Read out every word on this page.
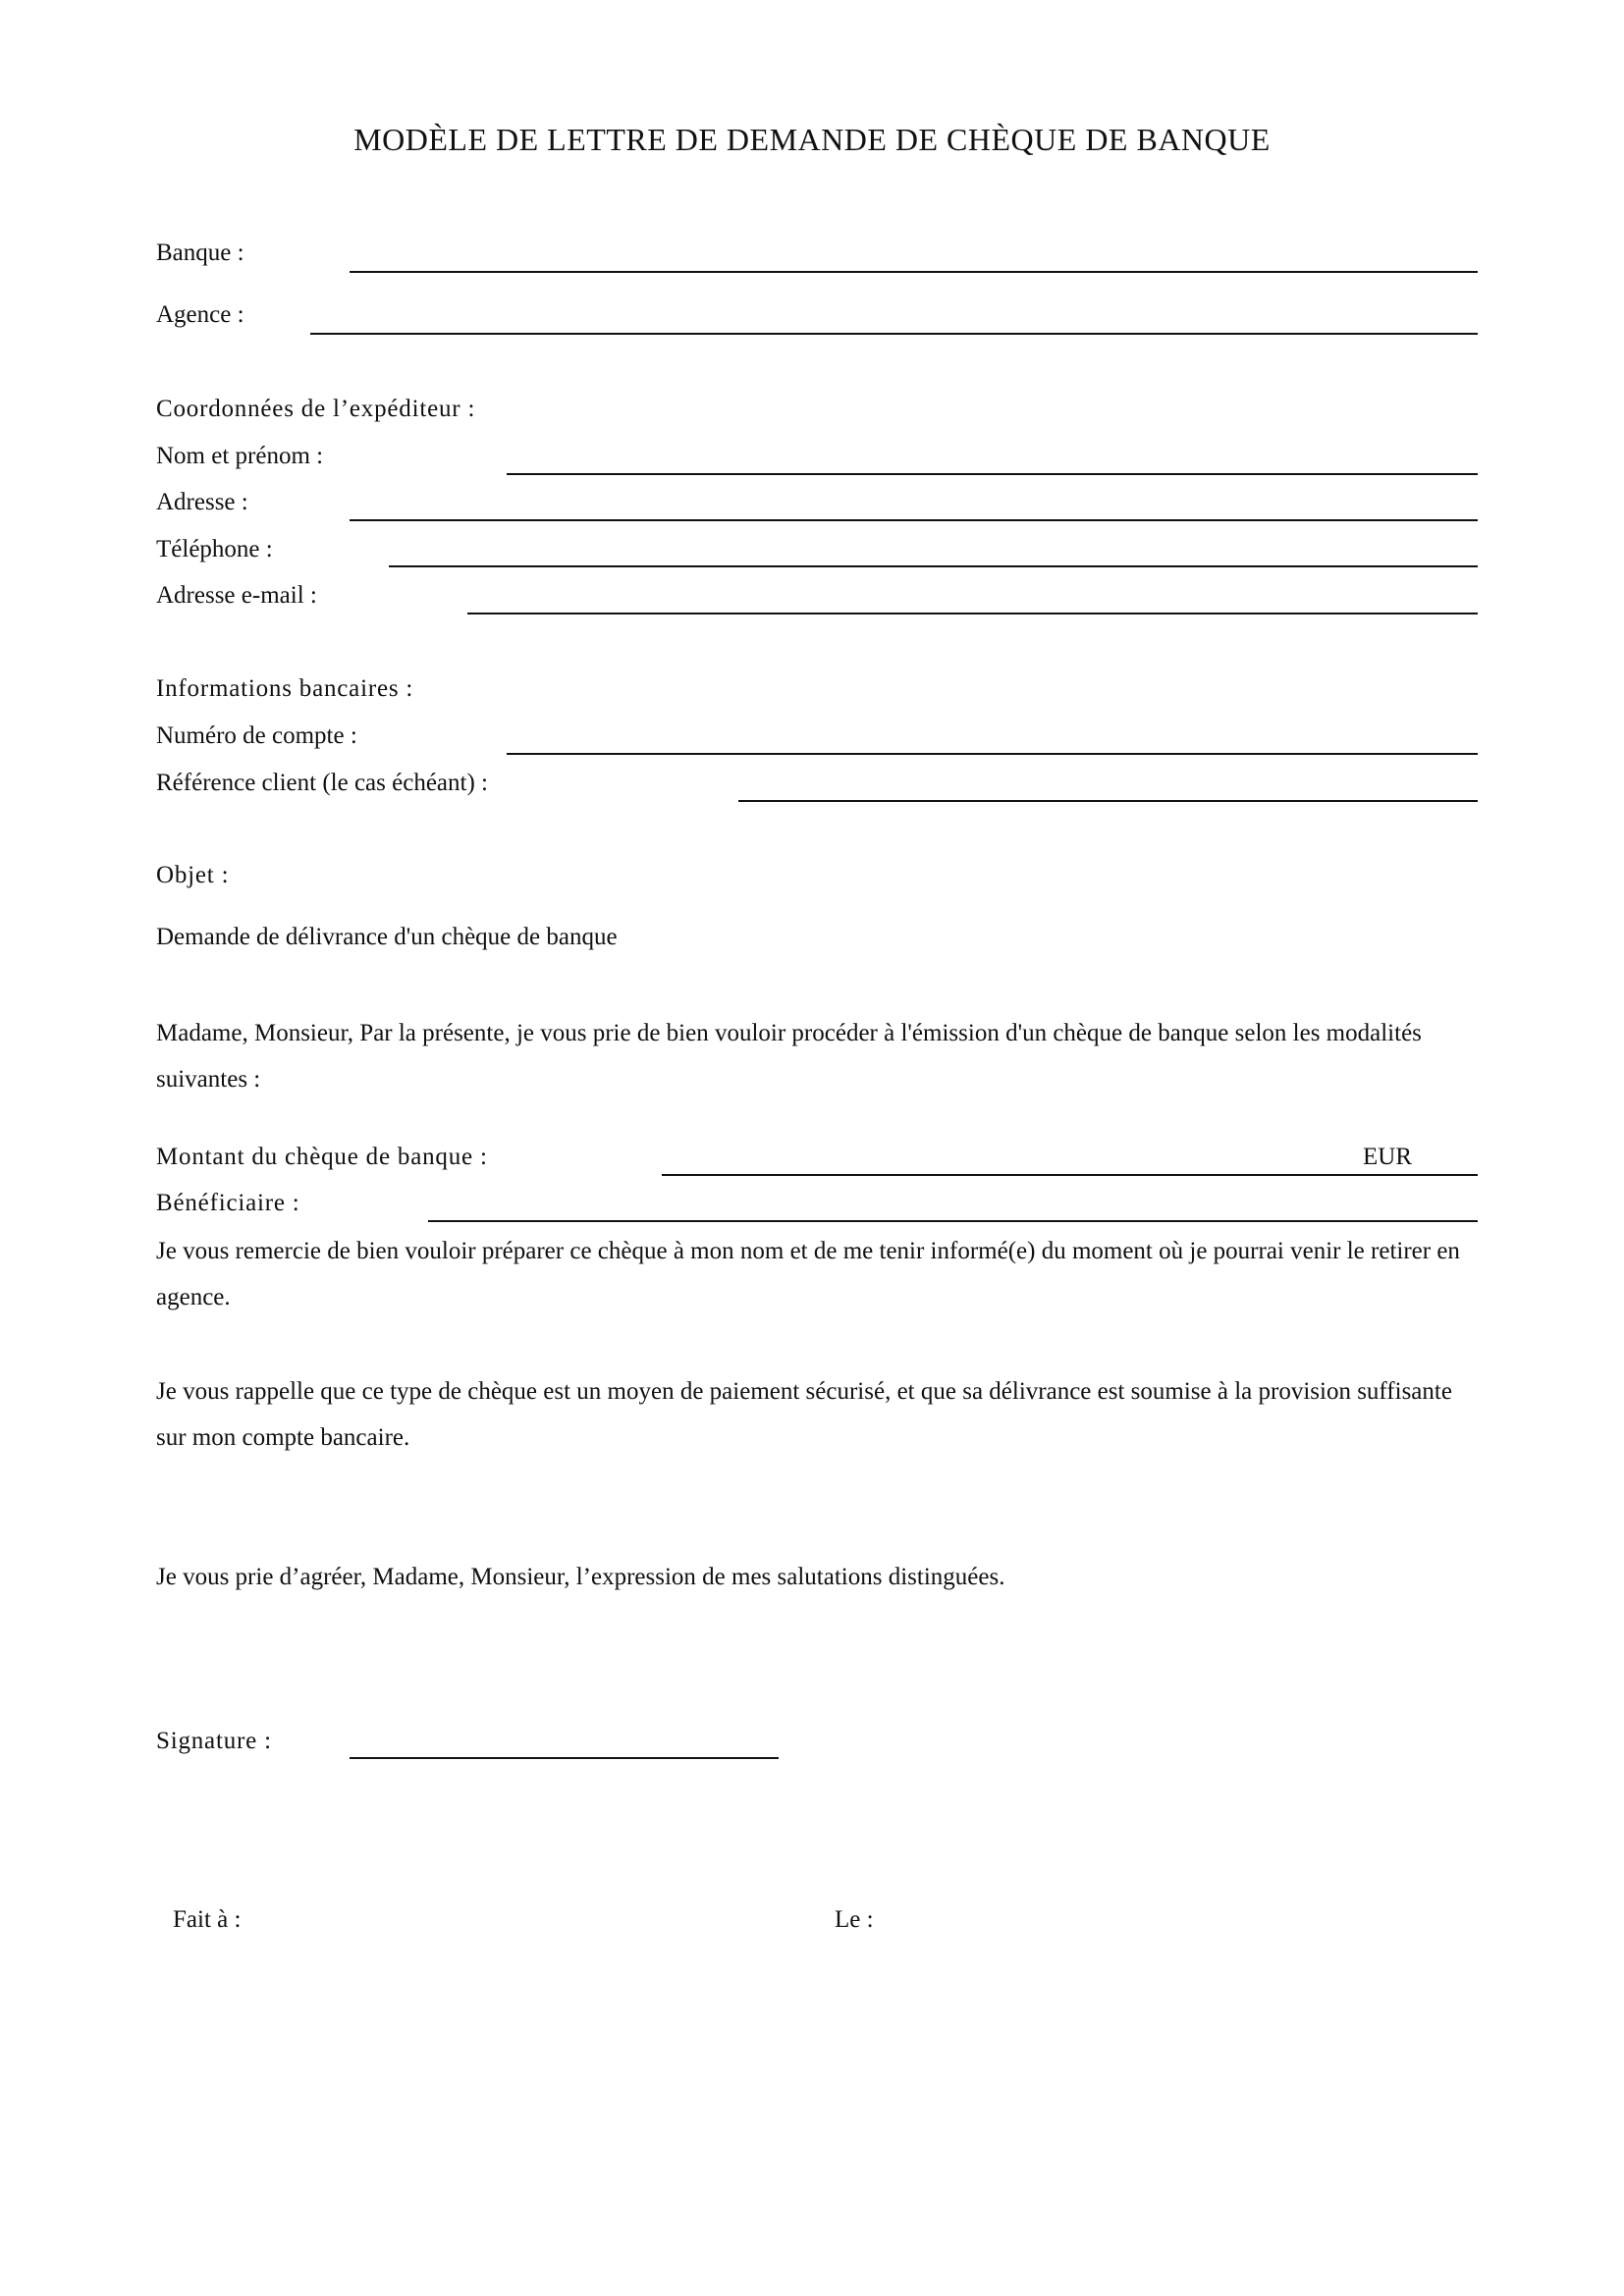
MODÈLE DE LETTRE DE DEMANDE DE CHÈQUE DE BANQUE
Banque :
Agence :
Coordonnées de l’expéditeur :
Nom et prénom :
Adresse :
Téléphone :
Adresse e-mail :
Informations bancaires :
Numéro de compte :
Référence client (le cas échéant) :
Objet :
Demande de délivrance d'un chèque de banque
Madame, Monsieur, Par la présente, je vous prie de bien vouloir procéder à l'émission d'un chèque de banque selon les modalités suivantes :
Montant du chèque de banque :	EUR
Bénéficiaire :
Je vous remercie de bien vouloir préparer ce chèque à mon nom et de me tenir informé(e) du moment où je pourrai venir le retirer en agence.
Je vous rappelle que ce type de chèque est un moyen de paiement sécurisé, et que sa délivrance est soumise à la provision suffisante sur mon compte bancaire.
Je vous prie d’agréer, Madame, Monsieur, l’expression de mes salutations distinguées.
Signature :
Fait à :	Le :
